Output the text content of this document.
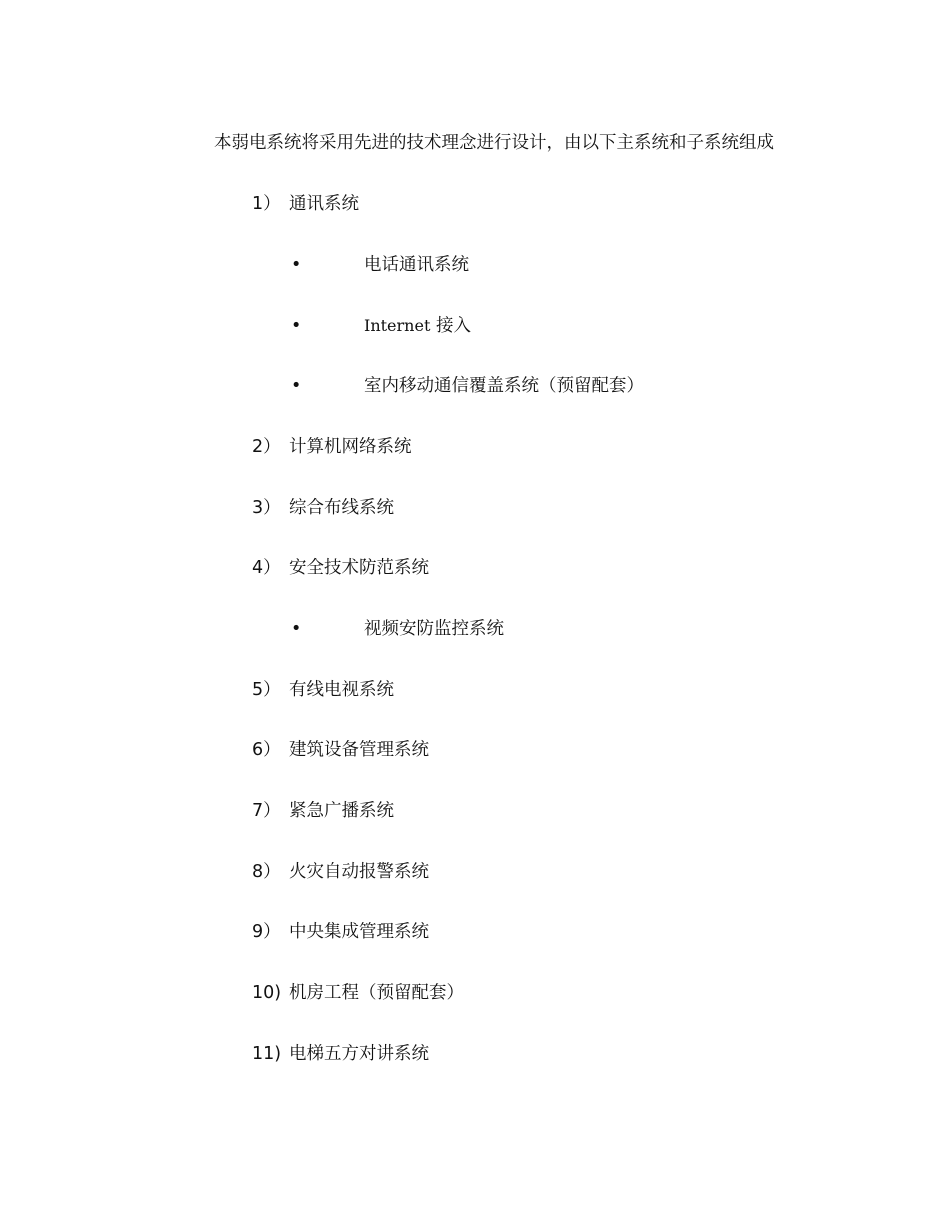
本弱电系统将采用先进的技术理念进行设计，由以下主系统和子系统组成
1） 通讯系统
•	电话通讯系统
•	Internet 接入
•	室内移动通信覆盖系统（预留配套）
2） 计算机网络系统
3） 综合布线系统
4） 安全技术防范系统
•	视频安防监控系统
5） 有线电视系统
6） 建筑设备管理系统
7） 紧急广播系统
8） 火灾自动报警系统
9） 中央集成管理系统
10) 机房工程（预留配套）
11) 电梯五方对讲系统
